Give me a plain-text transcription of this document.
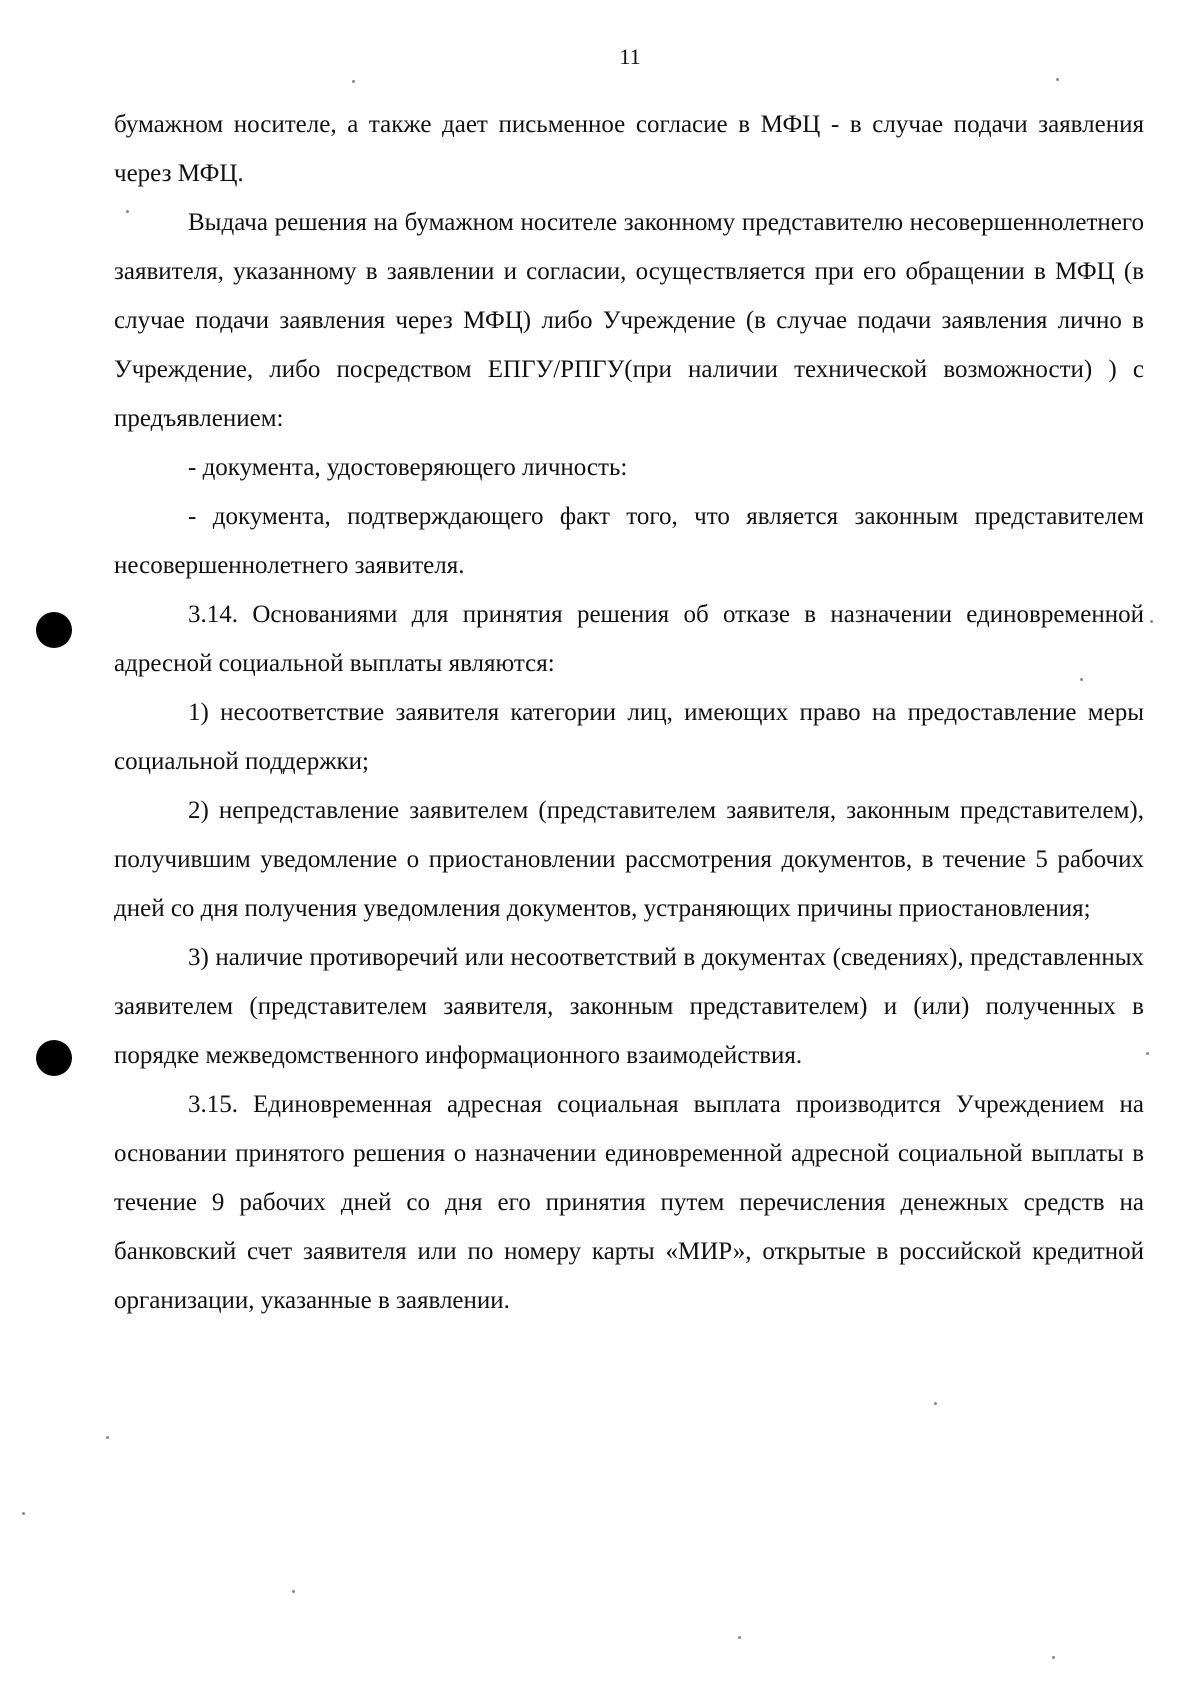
11

бумажном носителе, а также дает письменное согласие в МФЦ - в случае подачи заявления через МФЦ.

Выдача решения на бумажном носителе законному представителю несовершеннолетнего заявителя, указанному в заявлении и согласии, осуществляется при его обращении в МФЦ (в случае подачи заявления через МФЦ) либо Учреждение (в случае подачи заявления лично в Учреждение, либо посредством ЕПГУ/РПГУ(при наличии технической возможности) ) с предъявлением:

- документа, удостоверяющего личность:

- документа, подтверждающего факт того, что является законным представителем несовершеннолетнего заявителя.

3.14. Основаниями для принятия решения об отказе в назначении единовременной адресной социальной выплаты являются:

1) несоответствие заявителя категории лиц, имеющих право на предоставление меры социальной поддержки;

2) непредставление заявителем (представителем заявителя, законным представителем), получившим уведомление о приостановлении рассмотрения документов, в течение 5 рабочих дней со дня получения уведомления документов, устраняющих причины приостановления;

3) наличие противоречий или несоответствий в документах (сведениях), представленных заявителем (представителем заявителя, законным представителем) и (или) полученных в порядке межведомственного информационного взаимодействия.

3.15. Единовременная адресная социальная выплата производится Учреждением на основании принятого решения о назначении единовременной адресной социальной выплаты в течение 9 рабочих дней со дня его принятия путем перечисления денежных средств на банковский счет заявителя или по номеру карты «МИР», открытые в российской кредитной организации, указанные в заявлении.
